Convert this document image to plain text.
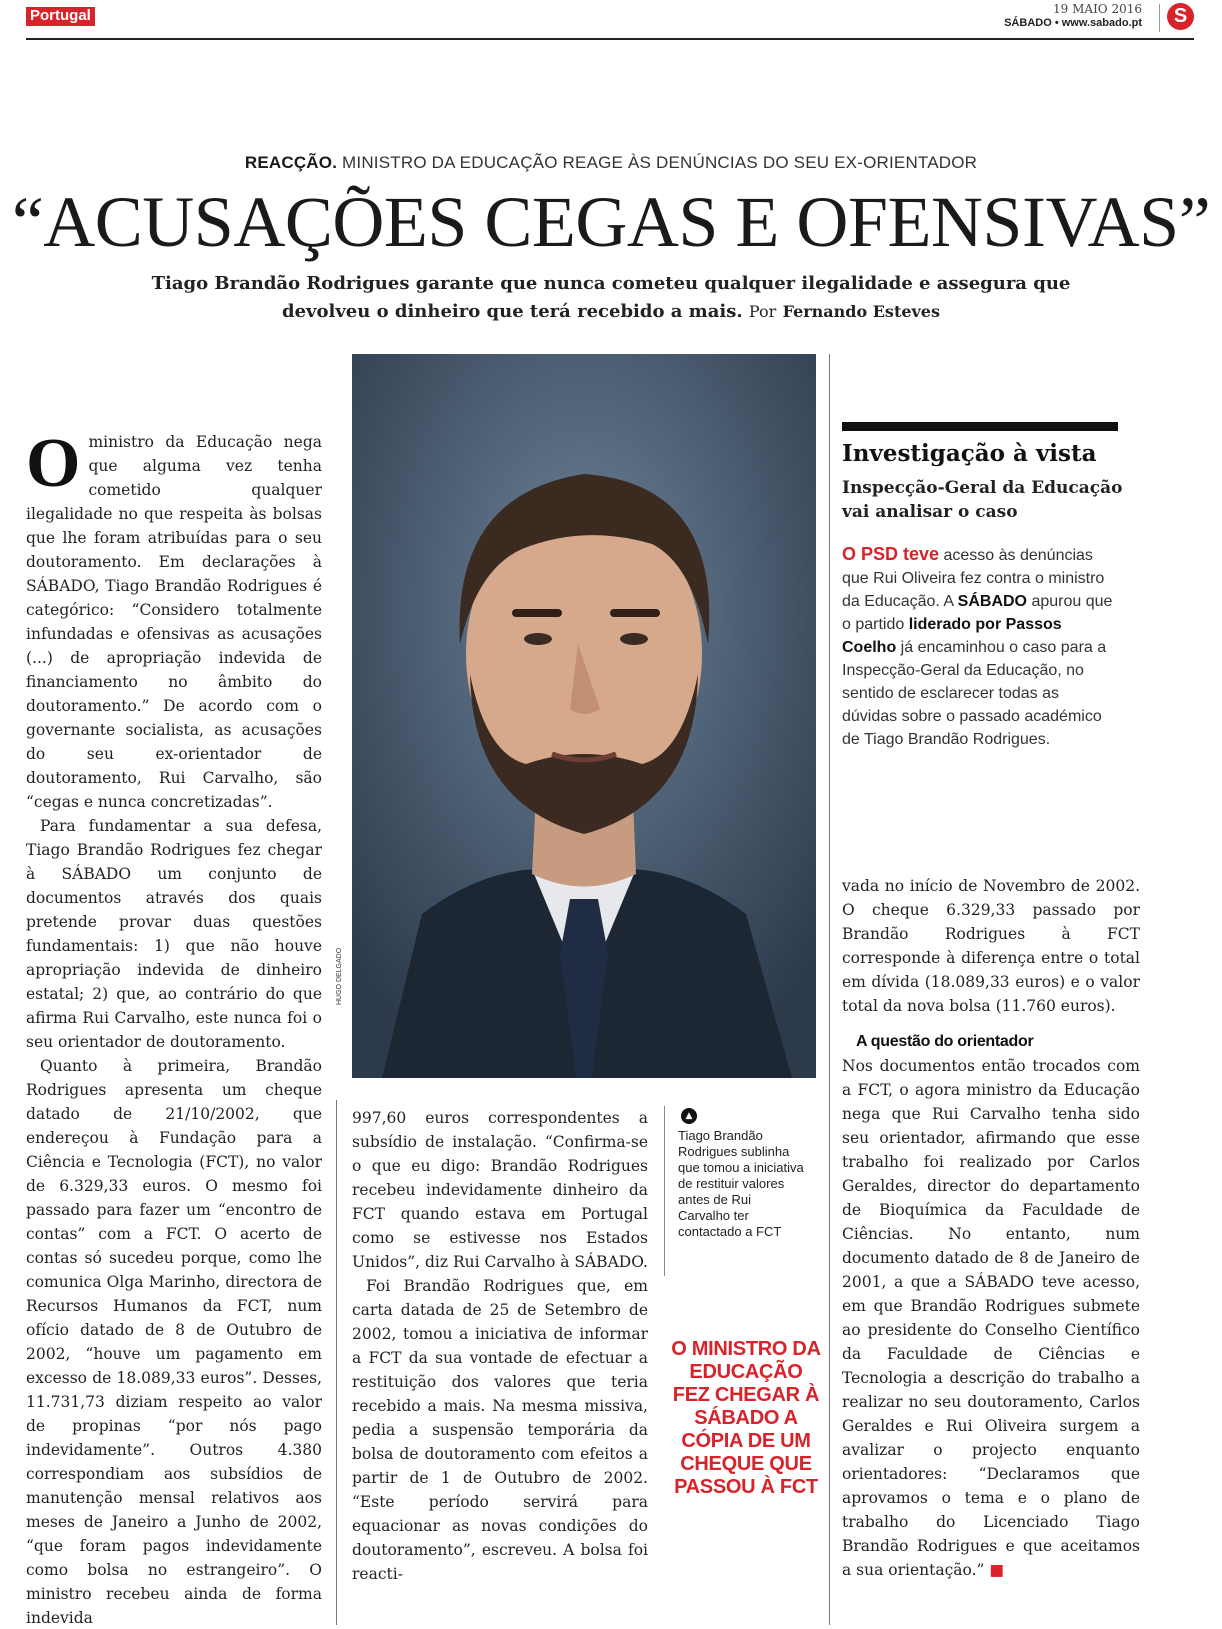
Portugal	19 MAIO 2016
SÁBADO • www.sabado.pt	S
REACÇÃO. MINISTRO DA EDUCAÇÃO REAGE ÀS DENÚNCIAS DO SEU EX-ORIENTADOR
“ACUSAÇÕES CEGAS E OFENSIVAS”
Tiago Brandão Rodrigues garante que nunca cometeu qualquer ilegalidade e assegura que devolveu o dinheiro que terá recebido a mais. Por Fernando Esteves

Oministro da Educação nega que alguma vez tenha cometido qualquer ilegalidade no que respeita às bolsas que lhe foram atribuídas para o seu doutoramento. Em declarações à SÁBADO, Tiago Brandão Rodrigues é categórico: “Considero totalmente infundadas e ofensivas as acusações (...) de apropriação indevida de financiamento no âmbito do doutoramento.” De acordo com o governante socialista, as acusações do seu ex-orientador de doutoramento, Rui Carvalho, são “cegas e nunca concretizadas”.

Para fundamentar a sua defesa, Tiago Brandão Rodrigues fez chegar à SÁBADO um conjunto de documentos através dos quais pretende provar duas questões fundamentais: 1) que não houve apropriação indevida de dinheiro estatal; 2) que, ao contrário do que afirma Rui Carvalho, este nunca foi o seu orientador de doutoramento.

Quanto à primeira, Brandão Rodrigues apresenta um cheque datado de 21/10/2002, que endereçou à Fundação para a Ciência e Tecnologia (FCT), no valor de 6.329,33 euros. O mesmo foi passado para fazer um “encontro de contas” com a FCT. O acerto de contas só sucedeu porque, como lhe comunica Olga Marinho, directora de Recursos Humanos da FCT, num ofício datado de 8 de Outubro de 2002, “houve um pagamento em excesso de 18.089,33 euros”. Desses, 11.731,73 diziam respeito ao valor de propinas “por nós pago indevidamente”. Outros 4.380 correspondiam aos subsídios de manutenção mensal relativos aos meses de Janeiro a Junho de 2002, “que foram pagos indevidamente como bolsa no estrangeiro”. O ministro recebeu ainda de forma indevida

HUGO DELGADO

997,60 euros correspondentes a subsídio de instalação. “Confirma-se o que eu digo: Brandão Rodrigues recebeu indevidamente dinheiro da FCT quando estava em Portugal como se estivesse nos Estados Unidos”, diz Rui Carvalho à SÁBADO.

Foi Brandão Rodrigues que, em carta datada de 25 de Setembro de 2002, tomou a iniciativa de informar a FCT da sua vontade de efectuar a restituição dos valores que teria recebido a mais. Na mesma missiva, pedia a suspensão temporária da bolsa de doutoramento com efeitos a partir de 1 de Outubro de 2002. “Este período servirá para equacionar as novas condições do doutoramento”, escreveu. A bolsa foi reacti-

▲
Tiago Brandão Rodrigues sublinha que tomou a iniciativa de restituir valores antes de Rui Carvalho ter contactado a FCT
O MINISTRO DA EDUCAÇÃO FEZ CHEGAR À SÁBADO A CÓPIA DE UM CHEQUE QUE PASSOU À FCT
Investigação à vista
Inspecção-Geral da Educação vai analisar o caso
O PSD teve acesso às denúncias que Rui Oliveira fez contra o ministro da Educação. A SÁBADO apurou que o partido liderado por Passos Coelho já encaminhou o caso para a Inspecção-Geral da Educação, no sentido de esclarecer todas as dúvidas sobre o passado académico de Tiago Brandão Rodrigues.

vada no início de Novembro de 2002. O cheque 6.329,33 passado por Brandão Rodrigues à FCT corresponde à diferença entre o total em dívida (18.089,33 euros) e o valor total da nova bolsa (11.760 euros).

A questão do orientador

Nos documentos então trocados com a FCT, o agora ministro da Educação nega que Rui Carvalho tenha sido seu orientador, afirmando que esse trabalho foi realizado por Carlos Geraldes, director do departamento de Bioquímica da Faculdade de Ciências. No entanto, num documento datado de 8 de Janeiro de 2001, a que a SÁBADO teve acesso, em que Brandão Rodrigues submete ao presidente do Conselho Científico da Faculdade de Ciências e Tecnologia a descrição do trabalho a realizar no seu doutoramento, Carlos Geraldes e Rui Oliveira surgem a avalizar o projecto enquanto orientadores: “Declaramos que aprovamos o tema e o plano de trabalho do Licenciado Tiago Brandão Rodrigues e que aceitamos a sua orientação.” ■
